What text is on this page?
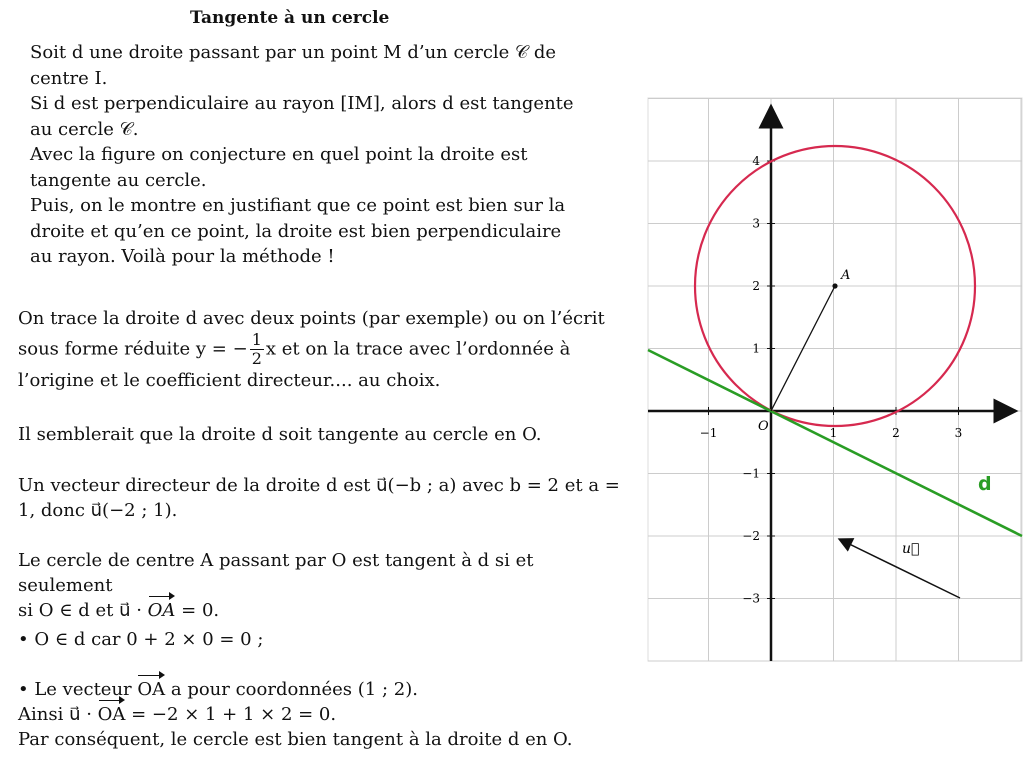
Tangente à un cercle

Soit d une droite passant par un point M d’un cercle 𝒞 de centre I.

Si d est perpendiculaire au rayon [IM], alors d est tangente au cercle 𝒞.

Avec la figure on conjecture en quel point la droite est tangente au cercle.

Puis, on le montre en justifiant que ce point est bien sur la droite et qu’en ce point, la droite est bien perpendiculaire au rayon. Voilà pour la méthode !

On trace la droite d avec deux points (par exemple) ou on l’écrit sous forme réduite y = − $\frac{1}{2}$ x et on la trace avec l’ordonnée à l’origine et le coefficient directeur.... au choix.

Il semblerait que la droite d soit tangente au cercle en O.

Un vecteur directeur de la droite d est u⃗(−b ; a) avec b = 2 et a = 1, donc u⃗(−2 ; 1).

Le cercle de centre A passant par O est tangent à d si et seulement

si O ∈ d et u⃗ · OA = 0.

• O ∈ d car 0 + 2 × 0 = 0 ;

• Le vecteur OA a pour coordonnées (1 ; 2).

Ainsi u⃗ · OA = −2 × 1 + 1 × 2 = 0.

Par conséquent, le cercle est bien tangent à la droite d en O.

−1	1	2	3
4
3
2
1
−1
−2
−3
A
O
d
u⃗
